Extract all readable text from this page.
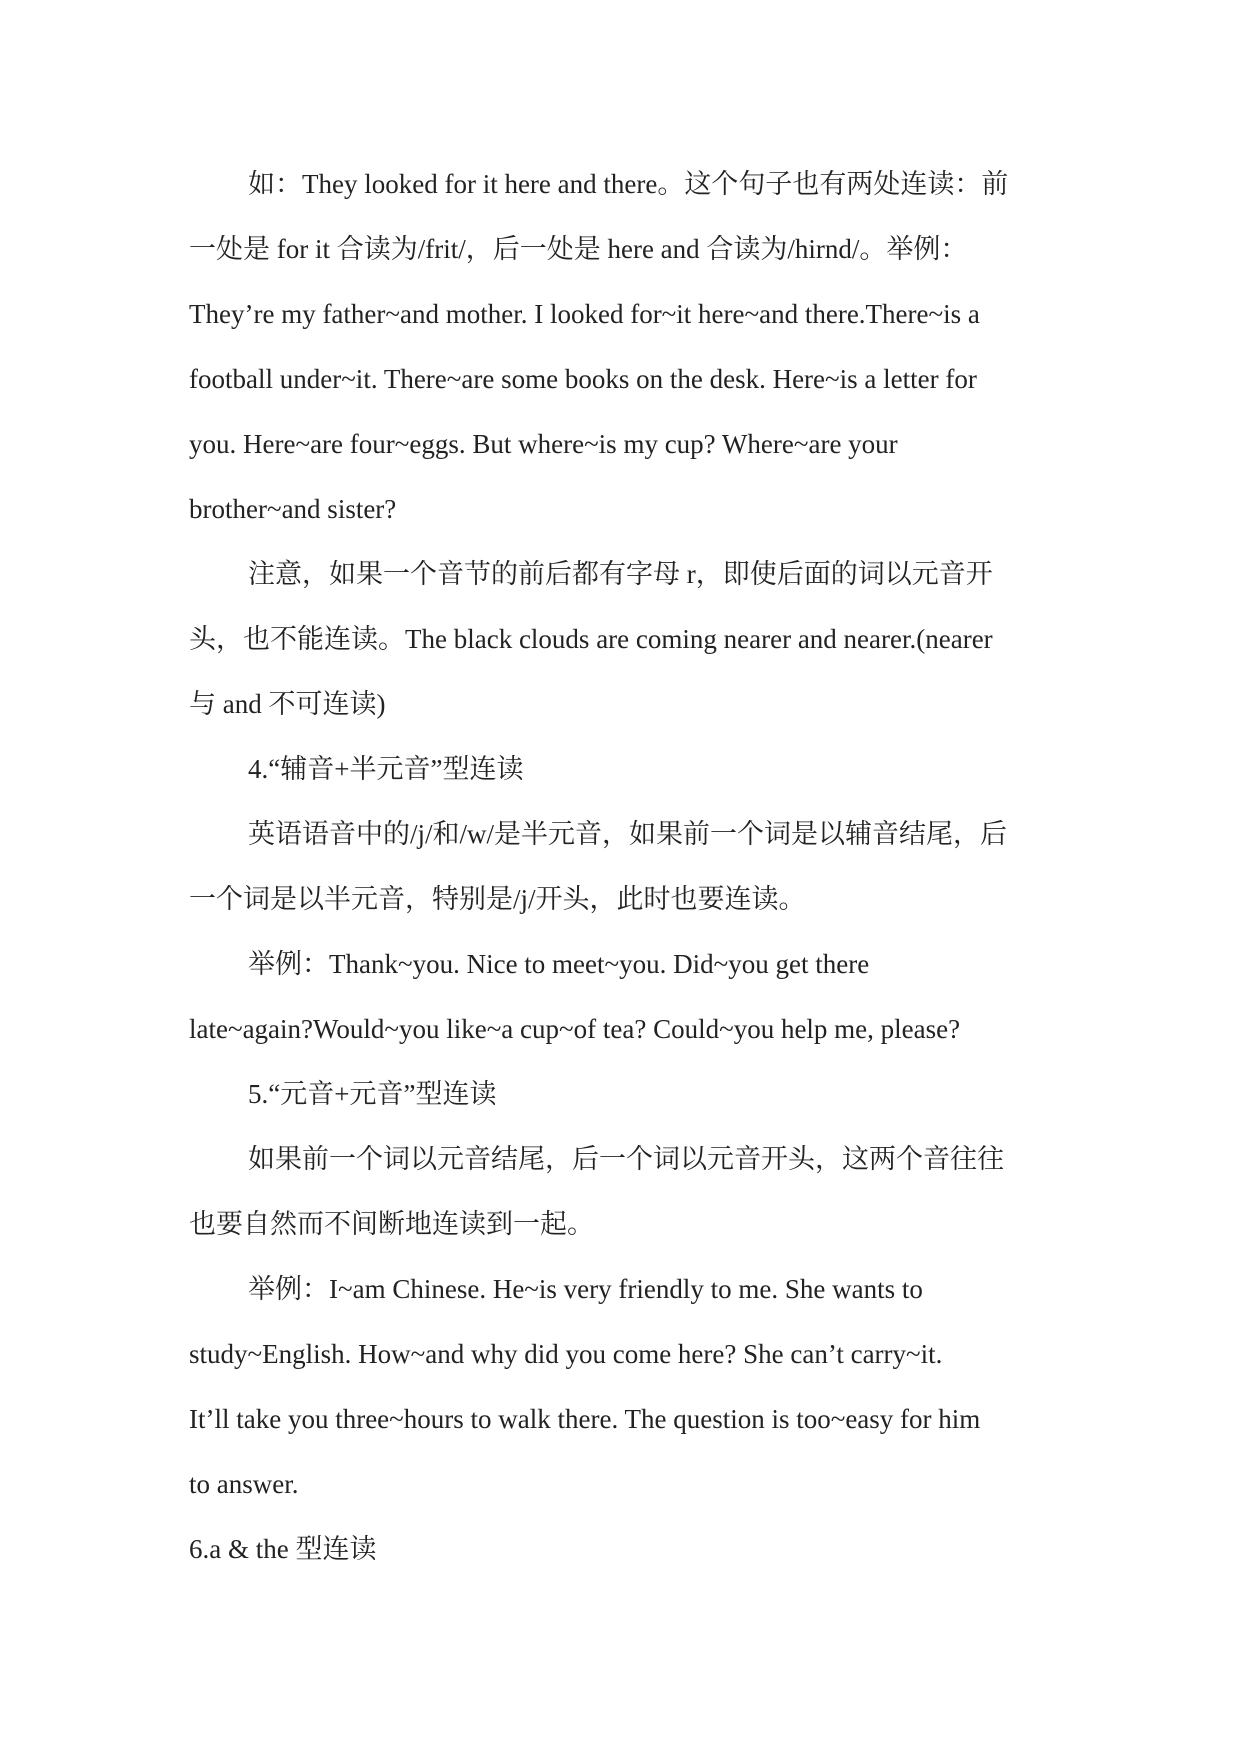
如：They looked for it here and there。这个句子也有两处连读：前
一处是 for it 合读为/frit/，后一处是 here and 合读为/hirnd/。举例：
They’re my father~and mother. I looked for~it here~and there.There~is a
football under~it. There~are some books on the desk. Here~is a letter for
you. Here~are four~eggs. But where~is my cup? Where~are your
brother~and sister?
注意，如果一个音节的前后都有字母 r，即使后面的词以元音开
头，也不能连读。The black clouds are coming nearer and nearer.(nearer
与 and 不可连读)
4.“辅音+半元音”型连读
英语语音中的/j/和/w/是半元音，如果前一个词是以辅音结尾，后
一个词是以半元音，特别是/j/开头，此时也要连读。
举例：Thank~you. Nice to meet~you. Did~you get there
late~again?Would~you like~a cup~of tea? Could~you help me, please?
5.“元音+元音”型连读
如果前一个词以元音结尾，后一个词以元音开头，这两个音往往
也要自然而不间断地连读到一起。
举例：I~am Chinese. He~is very friendly to me. She wants to
study~English. How~and why did you come here? She can’t carry~it.
It’ll take you three~hours to walk there. The question is too~easy for him
to answer.
6.a & the 型连读
